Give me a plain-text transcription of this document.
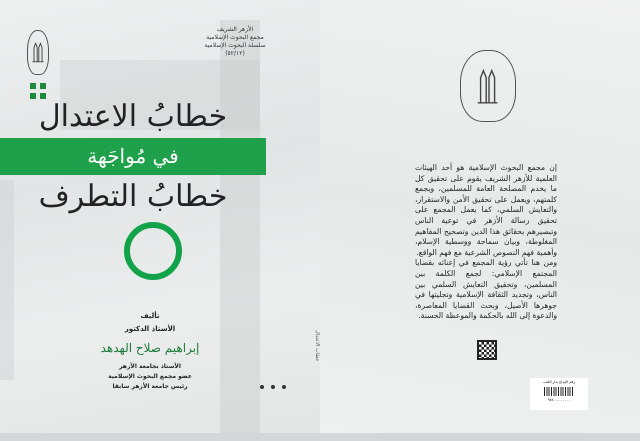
الأزهر الشريف
مجمع البحوث الإسلامية
سلسلة البحوث الإسلامية
(٥٢/١٢)
خطابُ الاعتدال
في مُواجَهة
خطابُ التطرف
تأليف
الأستاذ الدكتور
إبراهيم صلاح الهدهد
الأستاذ بجامعة الأزهر
عضو مجمع البحوث الإسلامية
رئيس جامعة الأزهر سابقا
خطاب الاعتدال

إن مجمع البحوث الإسلامية هو أحد الهيئات العلمية للأزهر الشريف يقوم على تحقيق كل ما يخدم المصلحة العامة للمسلمين، ويجمع كلمتهم، ويعمل على تحقيق الأمن والاستقرار، والتعايش السلمي، كما يعمل المجمع على تحقيق رسالة الأزهر في توعية الناس وتبصيرهم بحقائق هذا الدين وتصحيح المفاهيم المغلوطة، وبيان سماحة ووسطية الإسلام، وأهمية فهم النصوص الشرعية مع فهم الواقع.

ومن هنا تأتي رؤية المجمع في إعنائه بقضايا المجتمع الإسلامي: لجمع الكلمة بين المسلمين، وتحقيق التعايش السلمي بين الناس، وتجديد الثقافة الإسلامية وتجليتها في جوهرها الأصيل، وبحث القضايا المعاصرة، والدعوة إلى الله بالحكمة والموعظة الحسنة.

رقم الإيداع بدار الكتب
٩٧٨٠٠٠٠٠٠٠٠٠
